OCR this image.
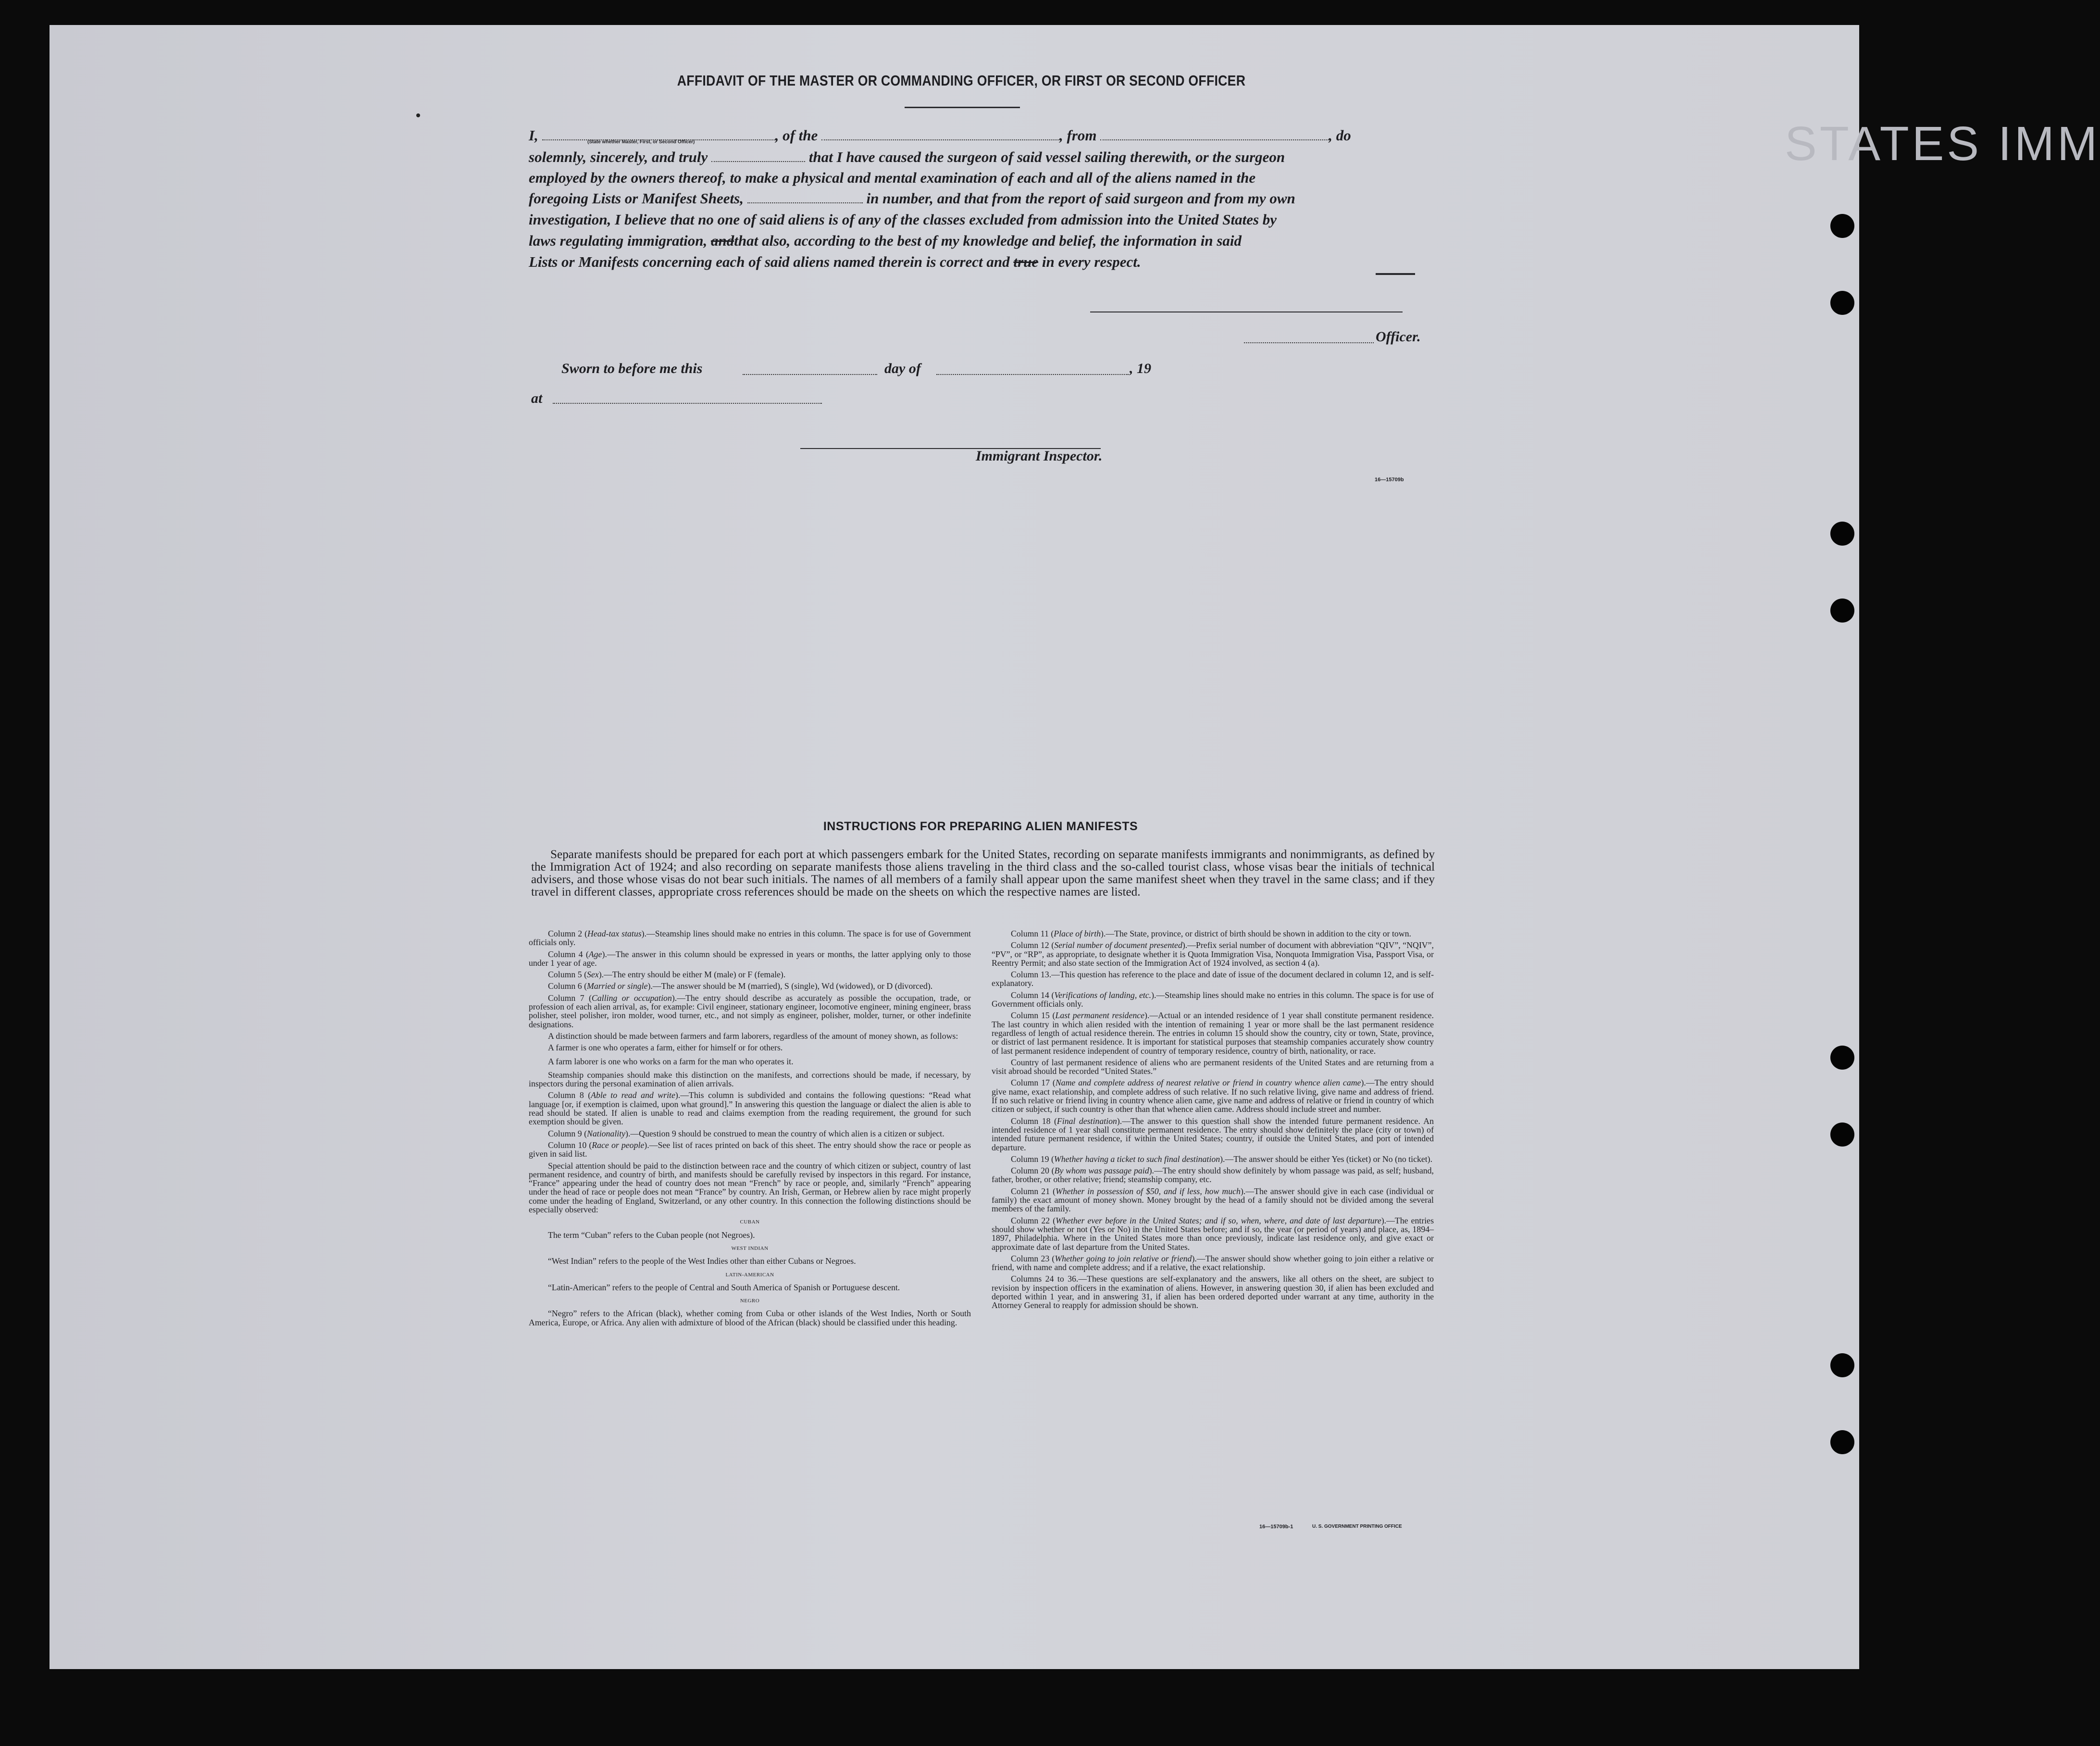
STATES IMM
AFFIDAVIT OF THE MASTER OR COMMANDING OFFICER, OR FIRST OR SECOND OFFICER
I,	, of the	, from	, do
(State whether Master, First, or Second Officer)
solemnly, sincerely, and truly	that I have caused the surgeon of said vessel sailing therewith, or the surgeon
employed by the owners thereof, to make a physical and mental examination of each and all of the aliens named in the
foregoing Lists or Manifest Sheets,	in number, and that from the report of said surgeon and from my own
investigation, I believe that no one of said aliens is of any of the classes excluded from admission into the United States by
laws regulating immigration, andthat also, according to the best of my knowledge and belief, the information in said
Lists or Manifests concerning each of said aliens named therein is correct and true in every respect.
Officer.
Sworn to before me this	day of	, 19
at
Immigrant Inspector.
16—15709b
INSTRUCTIONS FOR PREPARING ALIEN MANIFESTS
Separate manifests should be prepared for each port at which passengers embark for the United States, recording on separate manifests immigrants and nonimmigrants, as defined by the Immigration Act of 1924; and also recording on separate manifests those aliens traveling in the third class and the so-called tourist class, whose visas bear the initials of technical advisers, and those whose visas do not bear such initials. The names of all members of a family shall appear upon the same manifest sheet when they travel in the same class; and if they travel in different classes, appropriate cross references should be made on the sheets on which the respective names are listed.

Column 2 (Head-tax status).—Steamship lines should make no entries in this column. The space is for use of Government officials only.

Column 4 (Age).—The answer in this column should be expressed in years or months, the latter applying only to those under 1 year of age.

Column 5 (Sex).—The entry should be either M (male) or F (female).

Column 6 (Married or single).—The answer should be M (married), S (single), Wd (widowed), or D (divorced).

Column 7 (Calling or occupation).—The entry should describe as accurately as possible the occupation, trade, or profession of each alien arrival, as, for example: Civil engineer, stationary engineer, locomotive engineer, mining engineer, brass polisher, steel polisher, iron molder, wood turner, etc., and not simply as engineer, polisher, molder, turner, or other indefinite designations.

A distinction should be made between farmers and farm laborers, regardless of the amount of money shown, as follows:

A farmer is one who operates a farm, either for himself or for others.

A farm laborer is one who works on a farm for the man who operates it.

Steamship companies should make this distinction on the manifests, and corrections should be made, if necessary, by inspectors during the personal examination of alien arrivals.

Column 8 (Able to read and write).—This column is subdivided and contains the following questions: “Read what language [or, if exemption is claimed, upon what ground].” In answering this question the language or dialect the alien is able to read should be stated. If alien is unable to read and claims exemption from the reading requirement, the ground for such exemption should be given.

Column 9 (Nationality).—Question 9 should be construed to mean the country of which alien is a citizen or subject.

Column 10 (Race or people).—See list of races printed on back of this sheet. The entry should show the race or people as given in said list.

Special attention should be paid to the distinction between race and the country of which citizen or subject, country of last permanent residence, and country of birth, and manifests should be carefully revised by inspectors in this regard. For instance, “France” appearing under the head of country does not mean “French” by race or people, and, similarly “French” appearing under the head of race or people does not mean “France” by country. An Irish, German, or Hebrew alien by race might properly come under the heading of England, Switzerland, or any other country. In this connection the following distinctions should be especially observed:

CUBAN

The term “Cuban” refers to the Cuban people (not Negroes).

WEST INDIAN

“West Indian” refers to the people of the West Indies other than either Cubans or Negroes.

LATIN-AMERICAN

“Latin-American” refers to the people of Central and South America of Spanish or Portuguese descent.

NEGRO

“Negro” refers to the African (black), whether coming from Cuba or other islands of the West Indies, North or South America, Europe, or Africa. Any alien with admixture of blood of the African (black) should be classified under this heading.

Column 11 (Place of birth).—The State, province, or district of birth should be shown in addition to the city or town.

Column 12 (Serial number of document presented).—Prefix serial number of document with abbreviation “QIV”, “NQIV”, “PV”, or “RP”, as appropriate, to designate whether it is Quota Immigration Visa, Nonquota Immigration Visa, Passport Visa, or Reentry Permit; and also state section of the Immigration Act of 1924 involved, as section 4 (a).

Column 13.—This question has reference to the place and date of issue of the document declared in column 12, and is self-explanatory.

Column 14 (Verifications of landing, etc.).—Steamship lines should make no entries in this column. The space is for use of Government officials only.

Column 15 (Last permanent residence).—Actual or an intended residence of 1 year shall constitute permanent residence. The last country in which alien resided with the intention of remaining 1 year or more shall be the last permanent residence regardless of length of actual residence therein. The entries in column 15 should show the country, city or town, State, province, or district of last permanent residence. It is important for statistical purposes that steamship companies accurately show country of last permanent residence independent of country of temporary residence, country of birth, nationality, or race.

Country of last permanent residence of aliens who are permanent residents of the United States and are returning from a visit abroad should be recorded “United States.”

Column 17 (Name and complete address of nearest relative or friend in country whence alien came).—The entry should give name, exact relationship, and complete address of such relative. If no such relative living, give name and address of friend. If no such relative or friend living in country whence alien came, give name and address of relative or friend in country of which citizen or subject, if such country is other than that whence alien came. Address should include street and number.

Column 18 (Final destination).—The answer to this question shall show the intended future permanent residence. An intended residence of 1 year shall constitute permanent residence. The entry should show definitely the place (city or town) of intended future permanent residence, if within the United States; country, if outside the United States, and port of intended departure.

Column 19 (Whether having a ticket to such final destination).—The answer should be either Yes (ticket) or No (no ticket).

Column 20 (By whom was passage paid).—The entry should show definitely by whom passage was paid, as self; husband, father, brother, or other relative; friend; steamship company, etc.

Column 21 (Whether in possession of $50, and if less, how much).—The answer should give in each case (individual or family) the exact amount of money shown. Money brought by the head of a family should not be divided among the several members of the family.

Column 22 (Whether ever before in the United States; and if so, when, where, and date of last departure).—The entries should show whether or not (Yes or No) in the United States before; and if so, the year (or period of years) and place, as, 1894–1897, Philadelphia. Where in the United States more than once previously, indicate last residence only, and give exact or approximate date of last departure from the United States.

Column 23 (Whether going to join relative or friend).—The answer should show whether going to join either a relative or friend, with name and complete address; and if a relative, the exact relationship.

Columns 24 to 36.—These questions are self-explanatory and the answers, like all others on the sheet, are subject to revision by inspection officers in the examination of aliens. However, in answering question 30, if alien has been excluded and deported within 1 year, and in answering 31, if alien has been ordered deported under warrant at any time, authority in the Attorney General to reapply for admission should be shown.

16—15709b-1	U. S. GOVERNMENT PRINTING OFFICE
